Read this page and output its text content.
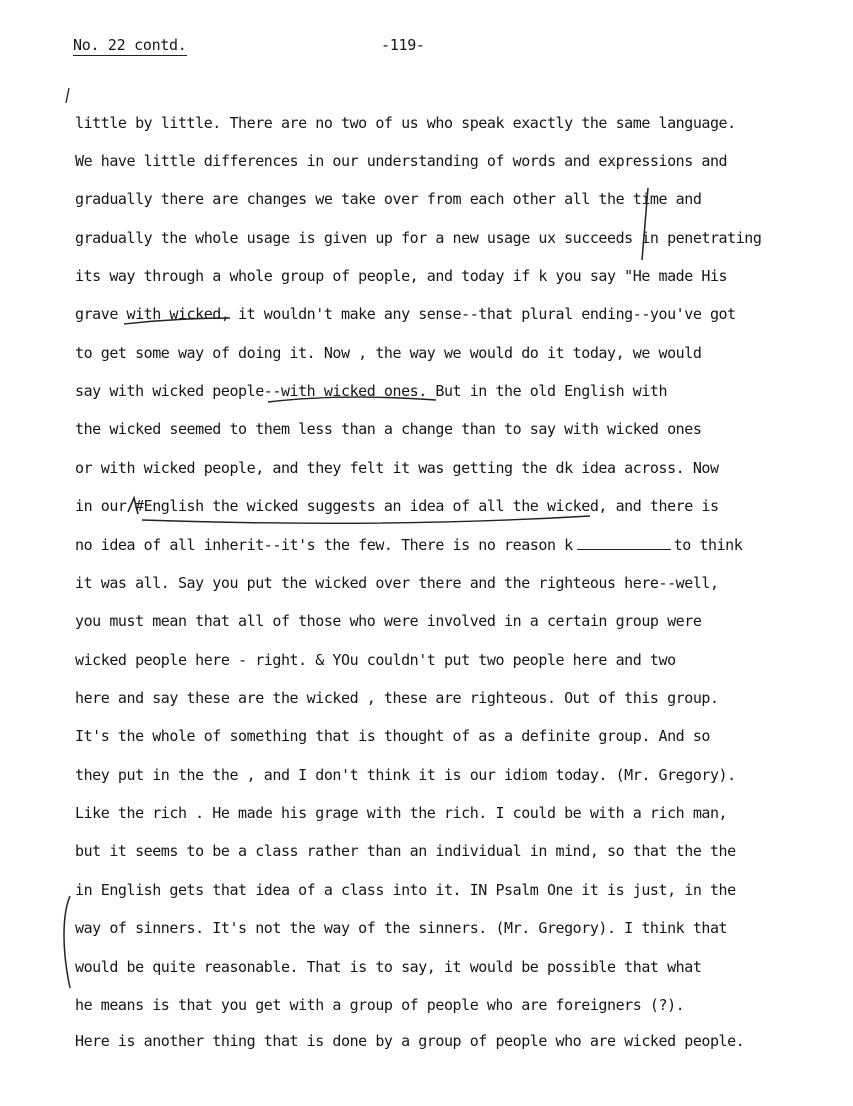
No. 22 contd.	-119-
little by little. There are no two of us who speak exactly the same language.
We have little differences in our understanding of words and expressions and
gradually there are changes we take over from each other all the time and
gradually the whole usage is given up for a new usage ux succeeds in penetrating
its way through a whole group of people, and today if k you say "He made His
grave with wicked, it wouldn't make any sense--that plural ending--you've got
to get some way of doing it. Now , the way we would do it today, we would
say with wicked people--with wicked ones. But in the old English with
the wicked seemed to them less than a change than to say with wicked ones
or with wicked people, and they felt it was getting the dk idea across. Now
in our #English the wicked suggests an idea of all the wicked, and there is
no idea of all inherit--it's the few. There is no reason k	to think
it was all. Say you put the wicked over there and the righteous here--well,
you must mean that all of those who were involved in a certain group were
wicked people here - right. & YOu couldn't put two people here and two
here and say these are the wicked , these are righteous. Out of this group.
It's the whole of something that is thought of as a definite group. And so
they put in the the , and I don't think it is our idiom today. (Mr. Gregory).
Like the rich . He made his grage with the rich. I could be with a rich man,
but it seems to be a class rather than an individual in mind, so that the the
in English gets that idea of a class into it. IN Psalm One it is just, in the
way of sinners. It's not the way of the sinners. (Mr. Gregory). I think that
would be quite reasonable. That is to say, it would be possible that what
he means is that you get with a group of people who are foreigners (?).
Here is another thing that is done by a group of people who are wicked people.
